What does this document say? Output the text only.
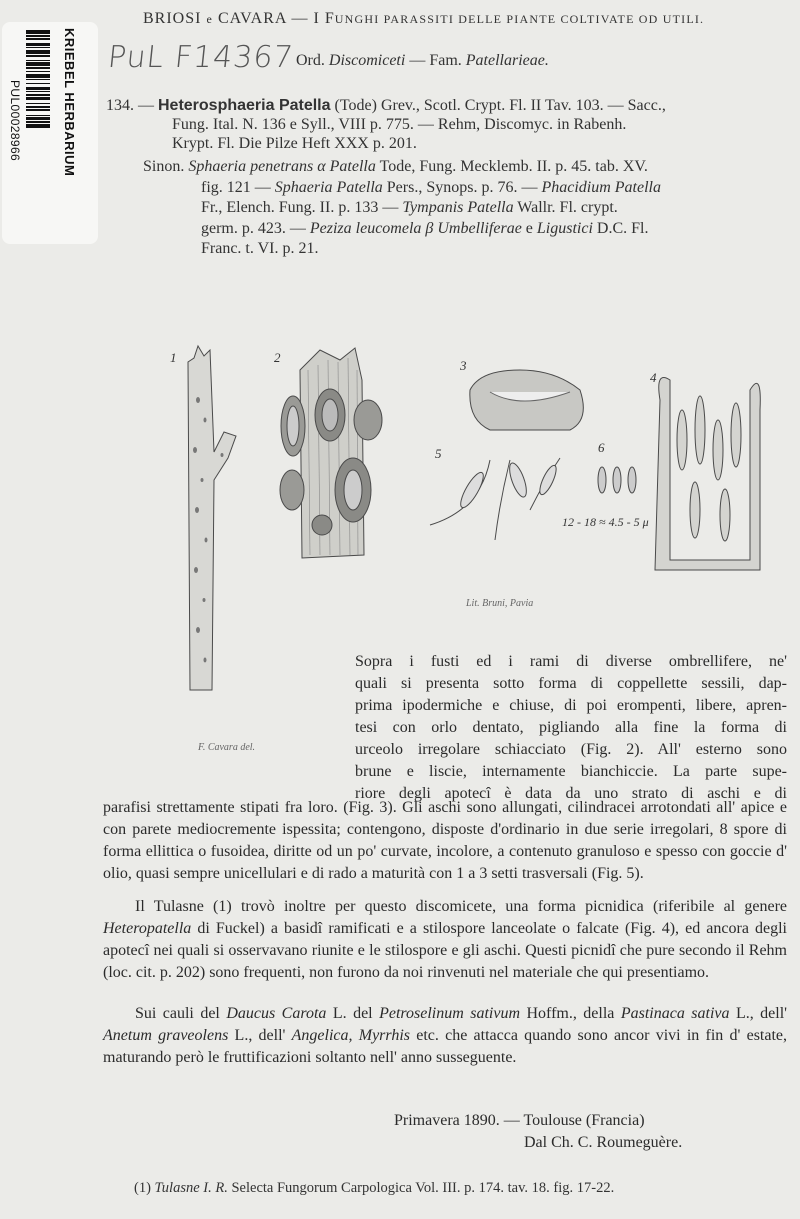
KRIEBEL HERBARIUM
PUL00028966
PuL F14367
BRIOSI e CAVARA — I FUNGHI PARASSITI DELLE PIANTE COLTIVATE OD UTILI.
Ord. Discomiceti — Fam. Patellarieae.
134. — Heterosphaeria Patella (Tode) Grev., Scotl. Crypt. Fl. II Tav. 103. — Sacc.,
Fung. Ital. N. 136 e Syll., VIII p. 775. — Rehm, Discomyc. in Rabenh.
Krypt. Fl. Die Pilze Heft XXX p. 201.
Sinon. Sphaeria penetrans α Patella Tode, Fung. Mecklemb. II. p. 45. tab. XV.
fig. 121 — Sphaeria Patella Pers., Synops. p. 76. — Phacidium Patella
Fr., Elench. Fung. II. p. 133 — Tympanis Patella Wallr. Fl. crypt.
germ. p. 423. — Peziza leucomela β Umbelliferae e Ligustici D.C. Fl.
Franc. t. VI. p. 21.
1	2
3
4
5	6
12 - 18 ≈ 4.5 - 5 μ
F. Cavara del.
Lit. Bruni, Pavia
Sopra i fusti ed i rami di diverse ombrellifere, ne'
quali si presenta sotto forma di coppellette sessili, dap-
prima ipodermiche e chiuse, di poi erompenti, libere, apren-
tesi con orlo dentato, pigliando alla fine la forma di
urceolo irregolare schiacciato (Fig. 2). All' esterno sono
brune e liscie, internamente bianchiccie. La parte supe-
riore degli apotecî è data da uno strato di aschi e di

parafisi strettamente stipati fra loro. (Fig. 3). Gli aschi sono allungati, cilindracei arrotondati all' apice e con parete mediocremente ispessita; contengono, disposte d'ordinario in due serie irregolari, 8 spore di forma ellittica o fusoidea, diritte od un po' curvate, incolore, a contenuto granuloso e spesso con goccie d' olio, quasi sempre unicellulari e di rado a maturità con 1 a 3 setti trasversali (Fig. 5).

Il Tulasne (1) trovò inoltre per questo discomicete, una forma picnidica (riferibile al genere Heteropatella di Fuckel) a basidî ramificati e a stilospore lanceolate o falcate (Fig. 4), ed ancora degli apotecî nei quali si osservavano riunite e le stilospore e gli aschi. Questi picnidî che pure secondo il Rehm (loc. cit. p. 202) sono frequenti, non furono da noi rinvenuti nel materiale che qui presentiamo.

Sui cauli del Daucus Carota L. del Petroselinum sativum Hoffm., della Pastinaca sativa L., dell' Anetum graveolens L., dell' Angelica, Myrrhis etc. che attacca quando sono ancor vivi in fin d' estate, maturando però le fruttificazioni soltanto nell' anno susseguente.

Primavera 1890. — Toulouse (Francia)
Dal Ch. C. Roumeguère.
(1) Tulasne I. R. Selecta Fungorum Carpologica Vol. III. p. 174. tav. 18. fig. 17-22.
